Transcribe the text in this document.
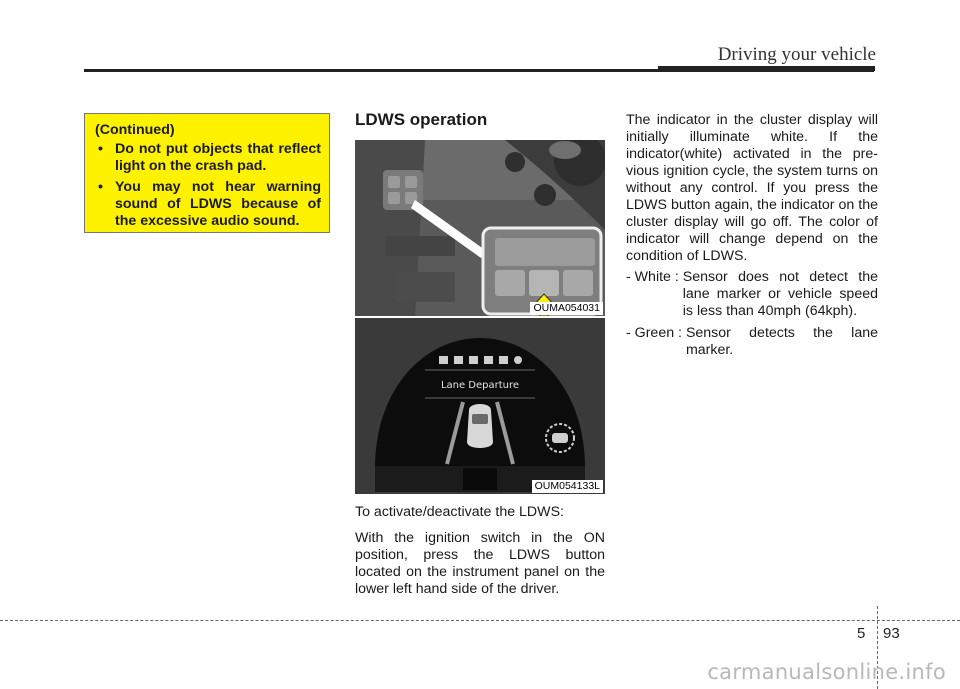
Driving your vehicle
(Continued)
• Do not put objects that reflect light on the crash pad.
• You may not hear warning sound of LDWS because of the excessive audio sound.
LDWS operation
OUMA054031
Lane Departure
OUM054133L

To activate/deactivate the LDWS:

With the ignition switch in the ON position, press the LDWS button located on the instrument panel on the lower left hand side of the driver.

The indicator in the cluster display will initially illuminate white. If the indicator(white) activated in the pre-vious ignition cycle, the system turns on without any control. If you press the LDWS button again, the indicator on the cluster display will go off. The color of indicator will change depend on the condition of LDWS.

- White : Sensor does not detect the lane marker or vehicle speed is less than 40mph (64kph).
- Green : Sensor detects the lane marker.
5 93
carmanualsonline.info
